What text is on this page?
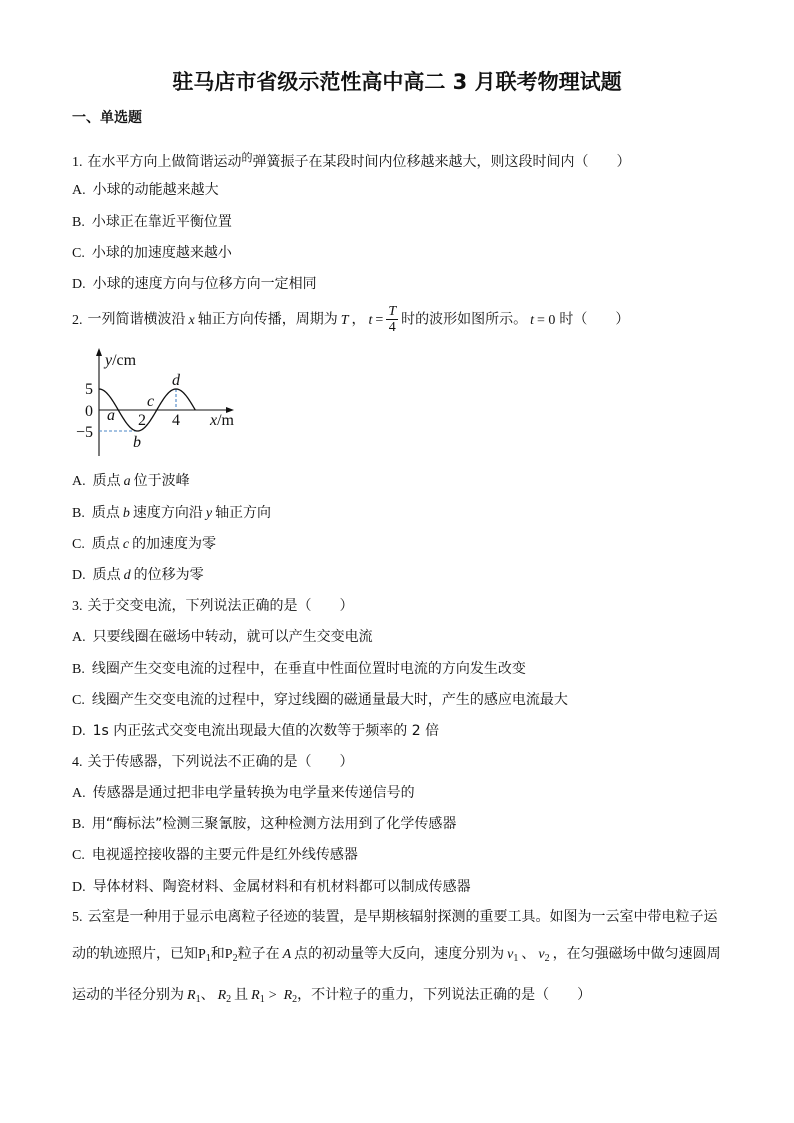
驻马店市省级示范性高中高二 3 月联考物理试题
一、单选题
1. 在水平方向上做简谐运动$^的$弹簧振子在某段时间内位移越来越大，则这段时间内（　　）
A. 小球的动能越来越大
B. 小球正在靠近平衡位置
C. 小球的加速度越来越小
D. 小球的速度方向与位移方向一定相同
2. 一列简谐横波沿 x 轴正方向传播，周期为 T ， $t = \frac{T}{4}$ 时的波形如图所示。 t = 0 时（　　）
y/cm
x/m
5
0
−5
2 4
a
b
c
d
A. 质点 a 位于波峰
B. 质点 b 速度方向沿 y 轴正方向
C. 质点 c 的加速度为零
D. 质点 d 的位移为零
3. 关于交变电流，下列说法正确的是（　　）
A. 只要线圈在磁场中转动，就可以产生交变电流
B. 线圈产生交变电流的过程中，在垂直中性面位置时电流的方向发生改变
C. 线圈产生交变电流的过程中，穿过线圈的磁通量最大时，产生的感应电流最大
D. 1s 内正弦式交变电流出现最大值的次数等于频率的 2 倍
4. 关于传感器，下列说法不正确的是（　　）
A. 传感器是通过把非电学量转换为电学量来传递信号的
B. 用“酶标法”检测三聚氰胺，这种检测方法用到了化学传感器
C. 电视遥控接收器的主要元件是红外线传感器
D. 导体材料、陶瓷材料、金属材料和有机材料都可以制成传感器
5. 云室是一种用于显示电离粒子径迹的装置，是早期核辐射探测的重要工具。如图为一云室中带电粒子运
动的轨迹照片，已知$P_1$和$P_2$粒子在 A 点的初动量等大反向，速度分别为 $v_1$ 、 $v_2$ ，在匀强磁场中做匀速圆周
运动的半径分别为 $R_1$、 $R_2$ 且 $R_1 > R_2$，不计粒子的重力，下列说法正确的是（　　）
